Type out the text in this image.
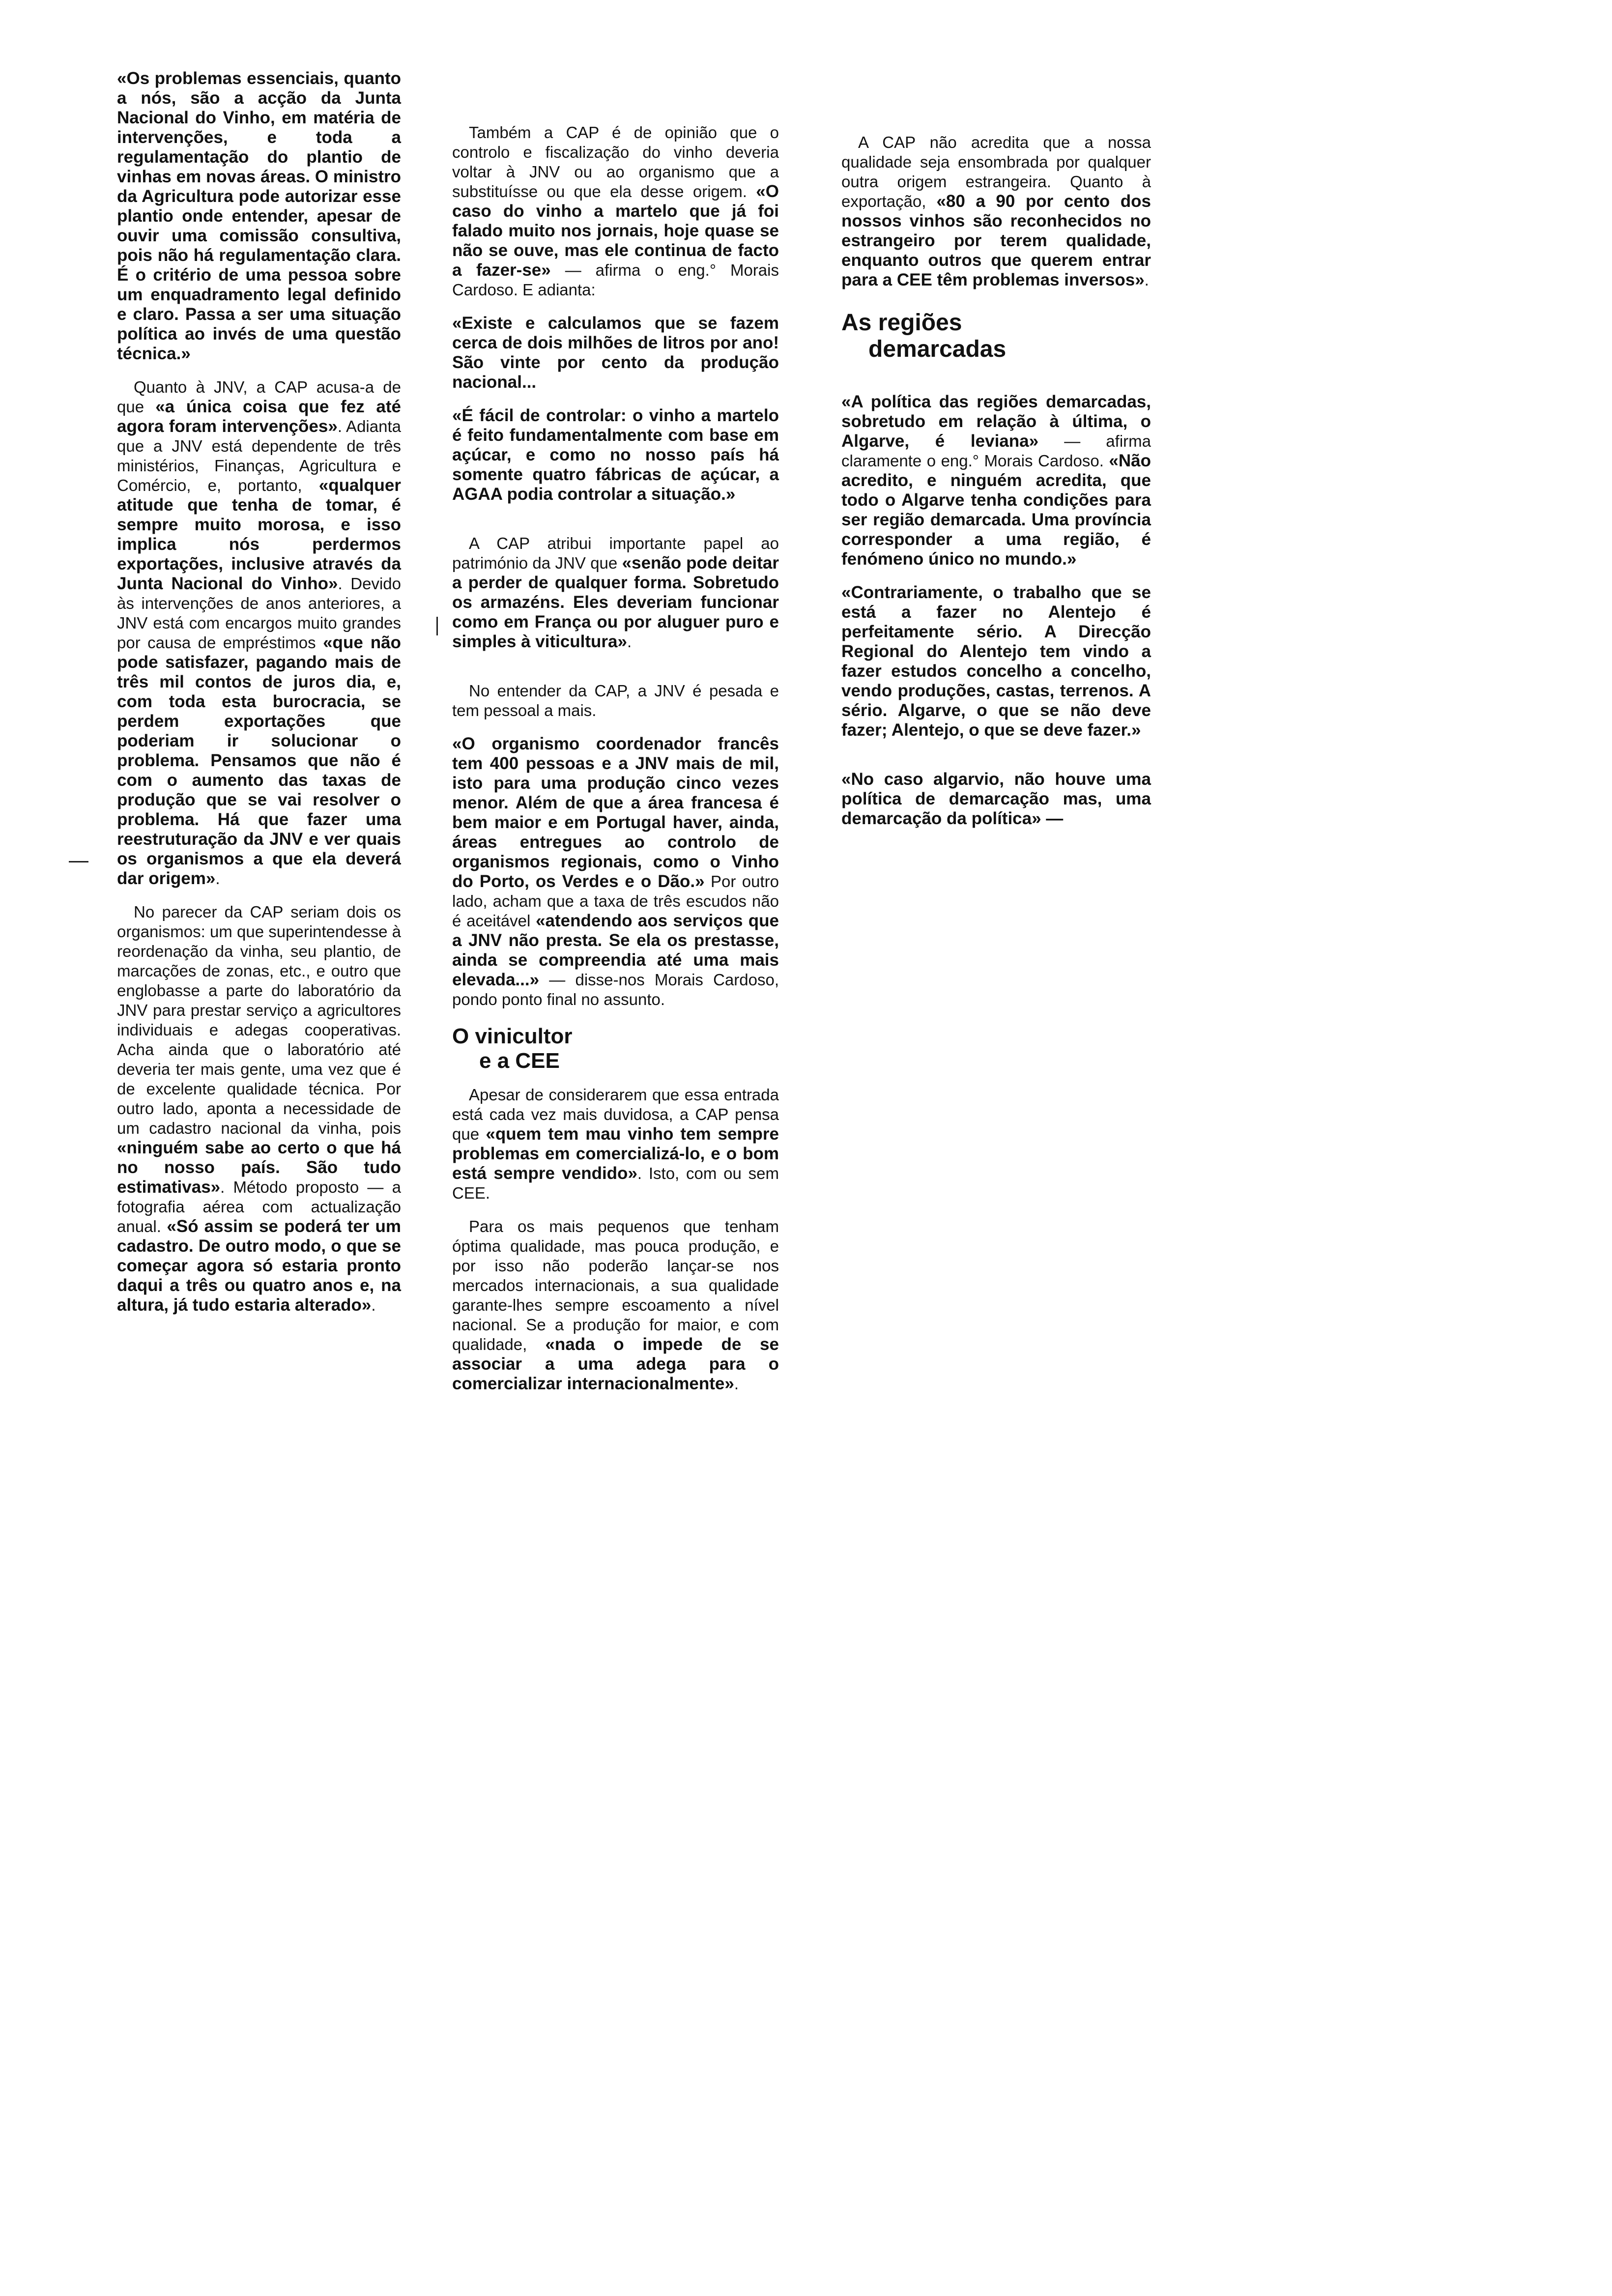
«Os problemas essenciais, quanto a nós, são a acção da Junta Nacional do Vinho, em matéria de intervenções, e toda a regulamentação do plantio de vinhas em novas áreas. O ministro da Agricultura pode autorizar esse plantio onde entender, apesar de ouvir uma comissão consultiva, pois não há regulamentação clara. É o critério de uma pessoa sobre um enquadramento legal definido e claro. Passa a ser uma situação política ao invés de uma questão técnica.»

Quanto à JNV, a CAP acusa-a de que «a única coisa que fez até agora foram intervenções». Adianta que a JNV está dependente de três ministérios, Finanças, Agricultura e Comércio, e, portanto, «qualquer atitude que tenha de tomar, é sempre muito morosa, e isso implica nós perdermos exportações, inclusive através da Junta Nacional do Vinho». Devido às intervenções de anos anteriores, a JNV está com encargos muito grandes por causa de empréstimos «que não pode satisfazer, pagando mais de três mil contos de juros dia, e, com toda esta burocracia, se perdem exportações que poderiam ir solucionar o problema. Pensamos que não é com o aumento das taxas de produção que se vai resolver o problema. Há que fazer uma reestruturação da JNV e ver quais os organismos a que ela deverá dar origem».

No parecer da CAP seriam dois os organismos: um que superintendesse à reordenação da vinha, seu plantio, de marcações de zonas, etc., e outro que englobasse a parte do laboratório da JNV para prestar serviço a agricultores individuais e adegas cooperativas. Acha ainda que o laboratório até deveria ter mais gente, uma vez que é de excelente qualidade técnica. Por outro lado, aponta a necessidade de um cadastro nacional da vinha, pois «ninguém sabe ao certo o que há no nosso país. São tudo estimativas». Método proposto — a fotografia aérea com actualização anual. «Só assim se poderá ter um cadastro. De outro modo, o que se começar agora só estaria pronto daqui a três ou quatro anos e, na altura, já tudo estaria alterado».

Também a CAP é de opinião que o controlo e fiscalização do vinho deveria voltar à JNV ou ao organismo que a substituísse ou que ela desse origem. «O caso do vinho a martelo que já foi falado muito nos jornais, hoje quase se não se ouve, mas ele continua de facto a fazer-se» — afirma o eng.° Morais Cardoso. E adianta:

«Existe e calculamos que se fazem cerca de dois milhões de litros por ano! São vinte por cento da produção nacional...

«É fácil de controlar: o vinho a martelo é feito fundamentalmente com base em açúcar, e como no nosso país há somente quatro fábricas de açúcar, a AGAA podia controlar a situação.»

A CAP atribui importante papel ao património da JNV que «senão pode deitar a perder de qualquer forma. Sobretudo os armazéns. Eles deveriam funcionar como em França ou por aluguer puro e simples à viticultura».

No entender da CAP, a JNV é pesada e tem pessoal a mais.

«O organismo coordenador francês tem 400 pessoas e a JNV mais de mil, isto para uma produção cinco vezes menor. Além de que a área francesa é bem maior e em Portugal haver, ainda, áreas entregues ao controlo de organismos regionais, como o Vinho do Porto, os Verdes e o Dão.» Por outro lado, acham que a taxa de três escudos não é aceitável «atendendo aos serviços que a JNV não presta. Se ela os prestasse, ainda se compreendia até uma mais elevada...» — disse-nos Morais Cardoso, pondo ponto final no assunto.

O vinicultor

e a CEE

Apesar de considerarem que essa entrada está cada vez mais duvidosa, a CAP pensa que «quem tem mau vinho tem sempre problemas em comercializá-lo, e o bom está sempre vendido». Isto, com ou sem CEE.

Para os mais pequenos que tenham óptima qualidade, mas pouca produção, e por isso não poderão lançar-se nos mercados internacionais, a sua qualidade garante-lhes sempre escoamento a nível nacional. Se a produção for maior, e com qualidade, «nada o impede de se associar a uma adega para o comercializar internacionalmente».

A CAP não acredita que a nossa qualidade seja ensombrada por qualquer outra origem estrangeira. Quanto à exportação, «80 a 90 por cento dos nossos vinhos são reconhecidos no estrangeiro por terem qualidade, enquanto outros que querem entrar para a CEE têm problemas inversos».

As regiões

demarcadas

«A política das regiões demarcadas, sobretudo em relação à última, o Algarve, é leviana» — afirma claramente o eng.° Morais Cardoso. «Não acredito, e ninguém acredita, que todo o Algarve tenha condições para ser região demarcada. Uma província corresponder a uma região, é fenómeno único no mundo.»

«Contrariamente, o trabalho que se está a fazer no Alentejo é perfeitamente sério. A Direcção Regional do Alentejo tem vindo a fazer estudos concelho a concelho, vendo produções, castas, terrenos. A sério. Algarve, o que se não deve fazer; Alentejo, o que se deve fazer.»

«No caso algarvio, não houve uma política de demarcação mas, uma demarcação da política» —
